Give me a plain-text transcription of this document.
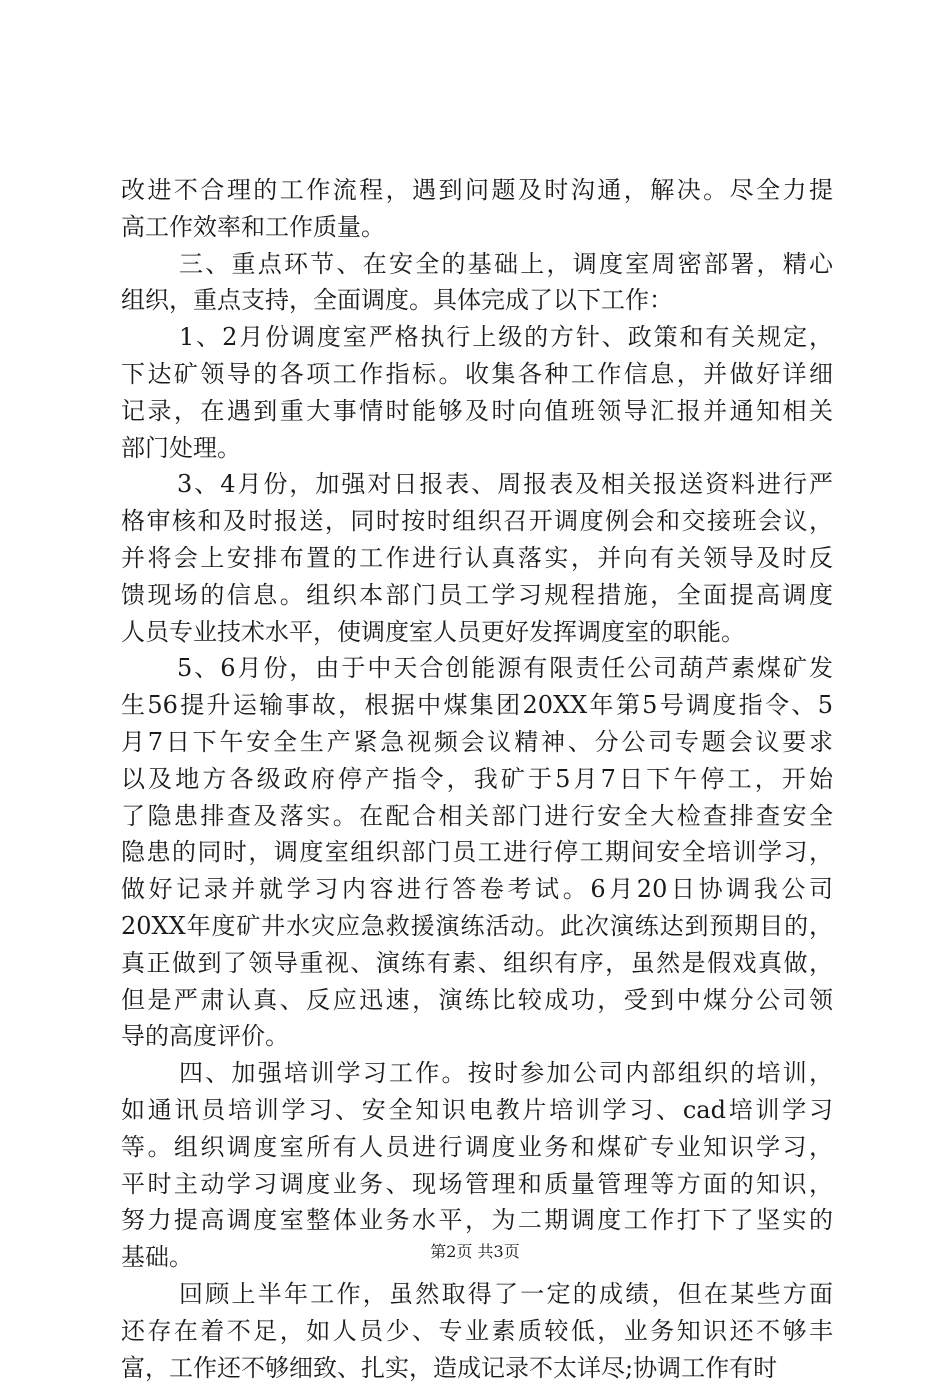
改进不合理的工作流程，遇到问题及时沟通，解决。尽全力提
高工作效率和工作质量。
三、重点环节、在安全的基础上，调度室周密部署，精心
组织，重点支持，全面调度。具体完成了以下工作：
1、2月份调度室严格执行上级的方针、政策和有关规定，
下达矿领导的各项工作指标。收集各种工作信息，并做好详细
记录，在遇到重大事情时能够及时向值班领导汇报并通知相关
部门处理。
3、4月份，加强对日报表、周报表及相关报送资料进行严
格审核和及时报送，同时按时组织召开调度例会和交接班会议，
并将会上安排布置的工作进行认真落实，并向有关领导及时反
馈现场的信息。组织本部门员工学习规程措施，全面提高调度
人员专业技术水平，使调度室人员更好发挥调度室的职能。
5、6月份，由于中天合创能源有限责任公司葫芦素煤矿发
生56提升运输事故，根据中煤集团20XX年第5号调度指令、5
月7日下午安全生产紧急视频会议精神、分公司专题会议要求
以及地方各级政府停产指令，我矿于5月7日下午停工，开始
了隐患排查及落实。在配合相关部门进行安全大检查排查安全
隐患的同时，调度室组织部门员工进行停工期间安全培训学习，
做好记录并就学习内容进行答卷考试。6月20日协调我公司
20XX年度矿井水灾应急救援演练活动。此次演练达到预期目的，
真正做到了领导重视、演练有素、组织有序，虽然是假戏真做，
但是严肃认真、反应迅速，演练比较成功，受到中煤分公司领
导的高度评价。
四、加强培训学习工作。按时参加公司内部组织的培训，
如通讯员培训学习、安全知识电教片培训学习、cad培训学习
等。组织调度室所有人员进行调度业务和煤矿专业知识学习，
平时主动学习调度业务、现场管理和质量管理等方面的知识，
努力提高调度室整体业务水平，为二期调度工作打下了坚实的
基础。
回顾上半年工作，虽然取得了一定的成绩，但在某些方面
还存在着不足，如人员少、专业素质较低，业务知识还不够丰
富，工作还不够细致、扎实，造成记录不太详尽;协调工作有时
第2页 共3页
